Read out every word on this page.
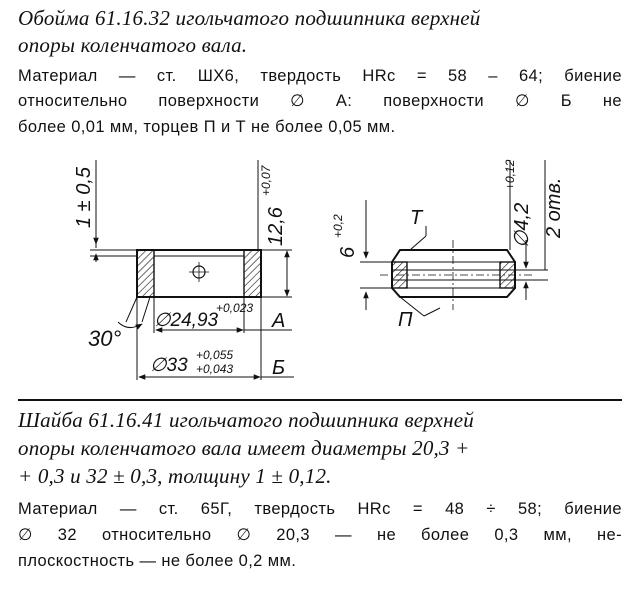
Обойма 61.16.32 игольчатого подшипника верхней
опоры коленчатого вала.
Материал — ст. ШХ6, твердость HRc = 58 – 64; биение
относительно поверхности ∅ А: поверхности ∅ Б не
более 0,01 мм, торцев П и Т не более 0,05 мм.
1 ± 0,5	12,6
+0,07
30°
∅24,93
+0,023
∅33 +0,055
+0,043
А
Б
6
+0,2	Т
П
∅4,2
+0,12
2 отв.
Шайба 61.16.41 игольчатого подшипника верхней
опоры коленчатого вала имеет диаметры 20,3 +
+ 0,3 и 32 ± 0,3, толщину 1 ± 0,12.
Материал — ст. 65Г, твердость HRc = 48 ÷ 58; биение
∅ 32 относительно ∅ 20,3 — не более 0,3 мм, не-
плоскостность — не более 0,2 мм.
